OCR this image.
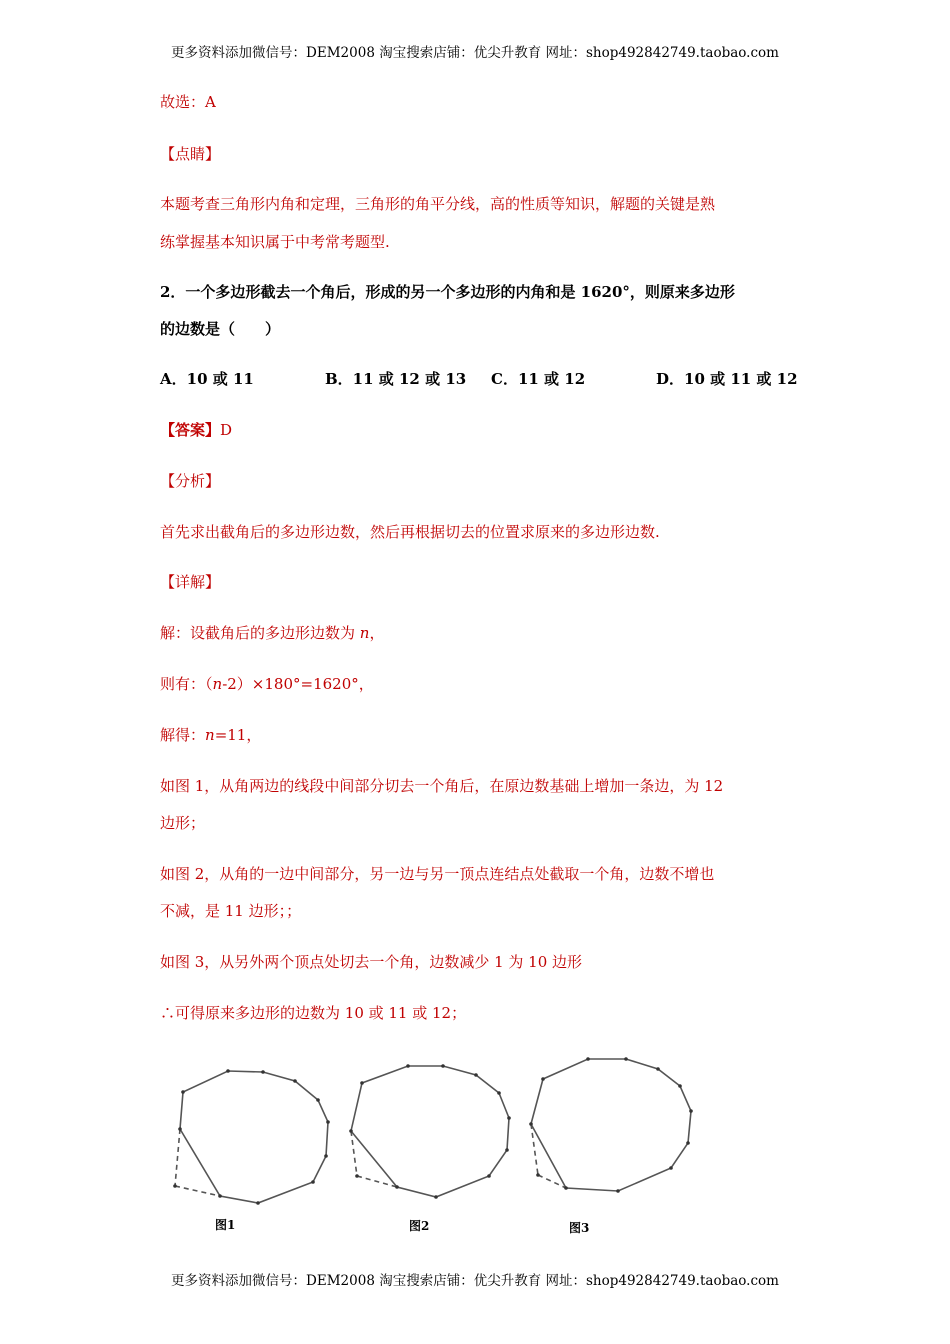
更多资料添加微信号：DEM2008 淘宝搜索店铺：优尖升教育 网址：shop492842749.taobao.com
故选：A
【点睛】
本题考查三角形内角和定理，三角形的角平分线，高的性质等知识，解题的关键是熟
练掌握基本知识属于中考常考题型.
2．一个多边形截去一个角后，形成的另一个多边形的内角和是 1620°，则原来多边形
的边数是（　　）
A．10 或 11	B．11 或 12 或 13 C．11 或 12	D．10 或 11 或 12
【答案】D
【分析】
首先求出截角后的多边形边数，然后再根据切去的位置求原来的多边形边数.
【详解】
解：设截角后的多边形边数为 n，
则有：（n-2）×180°=1620°，
解得：n=11，
如图 1，从角两边的线段中间部分切去一个角后，在原边数基础上增加一条边，为 12
边形；
如图 2，从角的一边中间部分，另一边与另一顶点连结点处截取一个角，边数不增也
不减，是 11 边形；；
如图 3，从另外两个顶点处切去一个角，边数减少 1 为 10 边形
∴可得原来多边形的边数为 10 或 11 或 12；
图1	图2	图3
更多资料添加微信号：DEM2008 淘宝搜索店铺：优尖升教育 网址：shop492842749.taobao.com
